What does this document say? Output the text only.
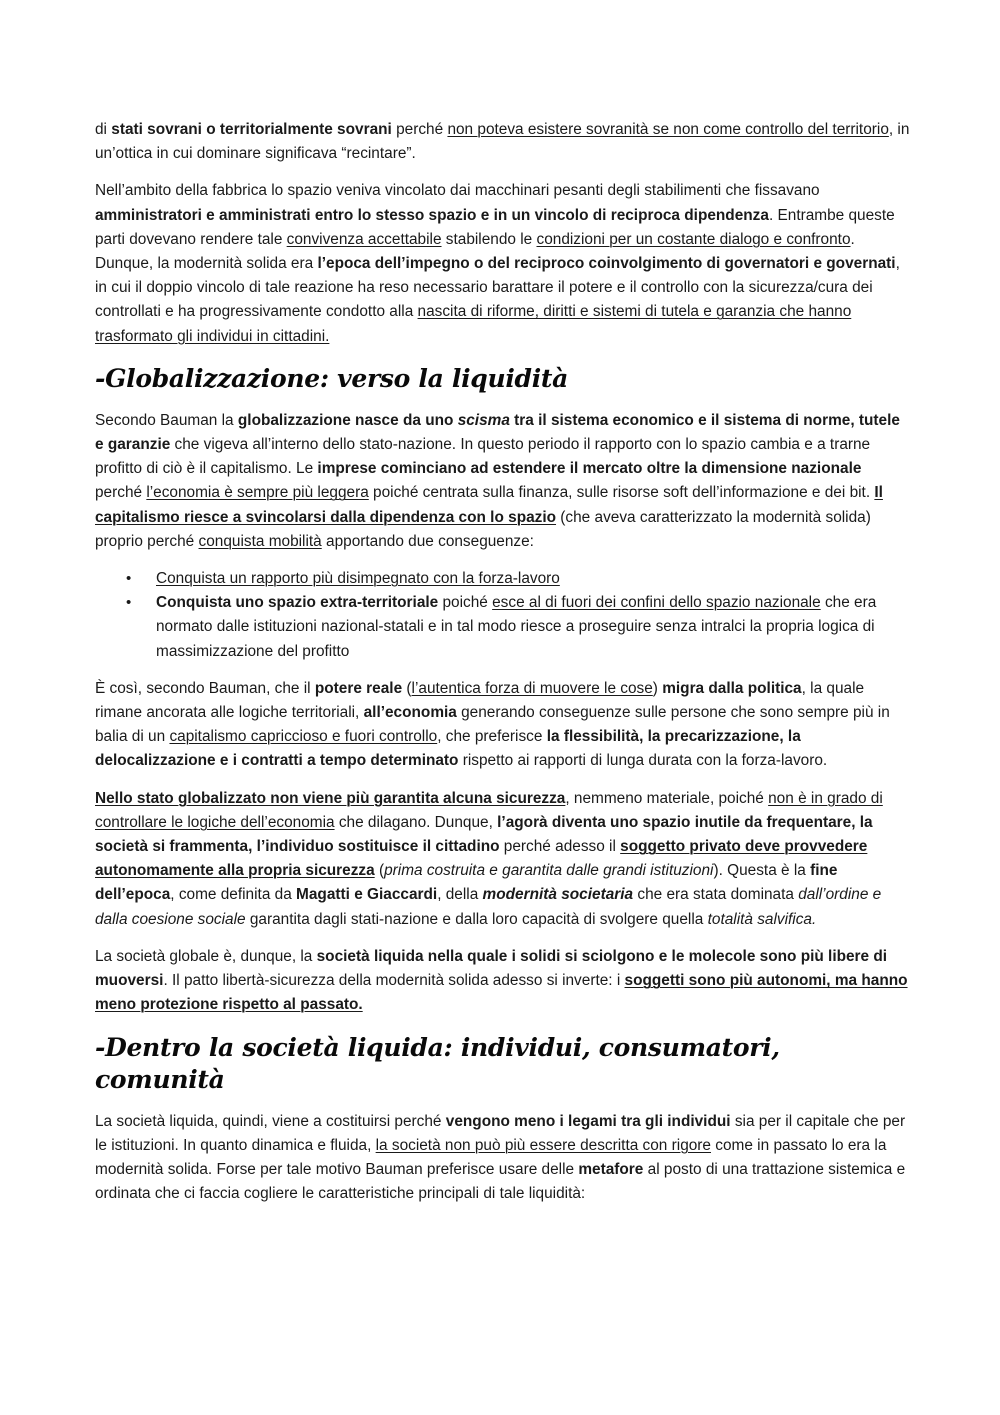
di stati sovrani o territorialmente sovrani perché non poteva esistere sovranità se non come controllo del territorio, in un’ottica in cui dominare significava “recintare”.

Nell’ambito della fabbrica lo spazio veniva vincolato dai macchinari pesanti degli stabilimenti che fissavano amministratori e amministrati entro lo stesso spazio e in un vincolo di reciproca dipendenza. Entrambe queste parti dovevano rendere tale convivenza accettabile stabilendo le condizioni per un costante dialogo e confronto. Dunque, la modernità solida era l’epoca dell’impegno o del reciproco coinvolgimento di governatori e governati, in cui il doppio vincolo di tale reazione ha reso necessario barattare il potere e il controllo con la sicurezza/cura dei controllati e ha progressivamente condotto alla nascita di riforme, diritti e sistemi di tutela e garanzia che hanno trasformato gli individui in cittadini.

-Globalizzazione: verso la liquidità

Secondo Bauman la globalizzazione nasce da uno scisma tra il sistema economico e il sistema di norme, tutele e garanzie che vigeva all’interno dello stato-nazione. In questo periodo il rapporto con lo spazio cambia e a trarne profitto di ciò è il capitalismo. Le imprese cominciano ad estendere il mercato oltre la dimensione nazionale perché l’economia è sempre più leggera poiché centrata sulla finanza, sulle risorse soft dell’informazione e dei bit. Il capitalismo riesce a svincolarsi dalla dipendenza con lo spazio (che aveva caratterizzato la modernità solida) proprio perché conquista mobilità apportando due conseguenze:

• Conquista un rapporto più disimpegnato con la forza-lavoro
• Conquista uno spazio extra-territoriale poiché esce al di fuori dei confini dello spazio nazionale che era normato dalle istituzioni nazional-statali e in tal modo riesce a proseguire senza intralci la propria logica di massimizzazione del profitto

È così, secondo Bauman, che il potere reale (l’autentica forza di muovere le cose) migra dalla politica, la quale rimane ancorata alle logiche territoriali, all’economia generando conseguenze sulle persone che sono sempre più in balia di un capitalismo capriccioso e fuori controllo, che preferisce la flessibilità, la precarizzazione, la delocalizzazione e i contratti a tempo determinato rispetto ai rapporti di lunga durata con la forza-lavoro.

Nello stato globalizzato non viene più garantita alcuna sicurezza, nemmeno materiale, poiché non è in grado di controllare le logiche dell’economia che dilagano. Dunque, l’agorà diventa uno spazio inutile da frequentare, la società si frammenta, l’individuo sostituisce il cittadino perché adesso il soggetto privato deve provvedere autonomamente alla propria sicurezza (prima costruita e garantita dalle grandi istituzioni). Questa è la fine dell’epoca, come definita da Magatti e Giaccardi, della modernità societaria che era stata dominata dall’ordine e dalla coesione sociale garantita dagli stati-nazione e dalla loro capacità di svolgere quella totalità salvifica.

La società globale è, dunque, la società liquida nella quale i solidi si sciolgono e le molecole sono più libere di muoversi. Il patto libertà-sicurezza della modernità solida adesso si inverte: i soggetti sono più autonomi, ma hanno meno protezione rispetto al passato.

-Dentro la società liquida: individui, consumatori, comunità

La società liquida, quindi, viene a costituirsi perché vengono meno i legami tra gli individui sia per il capitale che per le istituzioni. In quanto dinamica e fluida, la società non può più essere descritta con rigore come in passato lo era la modernità solida. Forse per tale motivo Bauman preferisce usare delle metafore al posto di una trattazione sistemica e ordinata che ci faccia cogliere le caratteristiche principali di tale liquidità:
